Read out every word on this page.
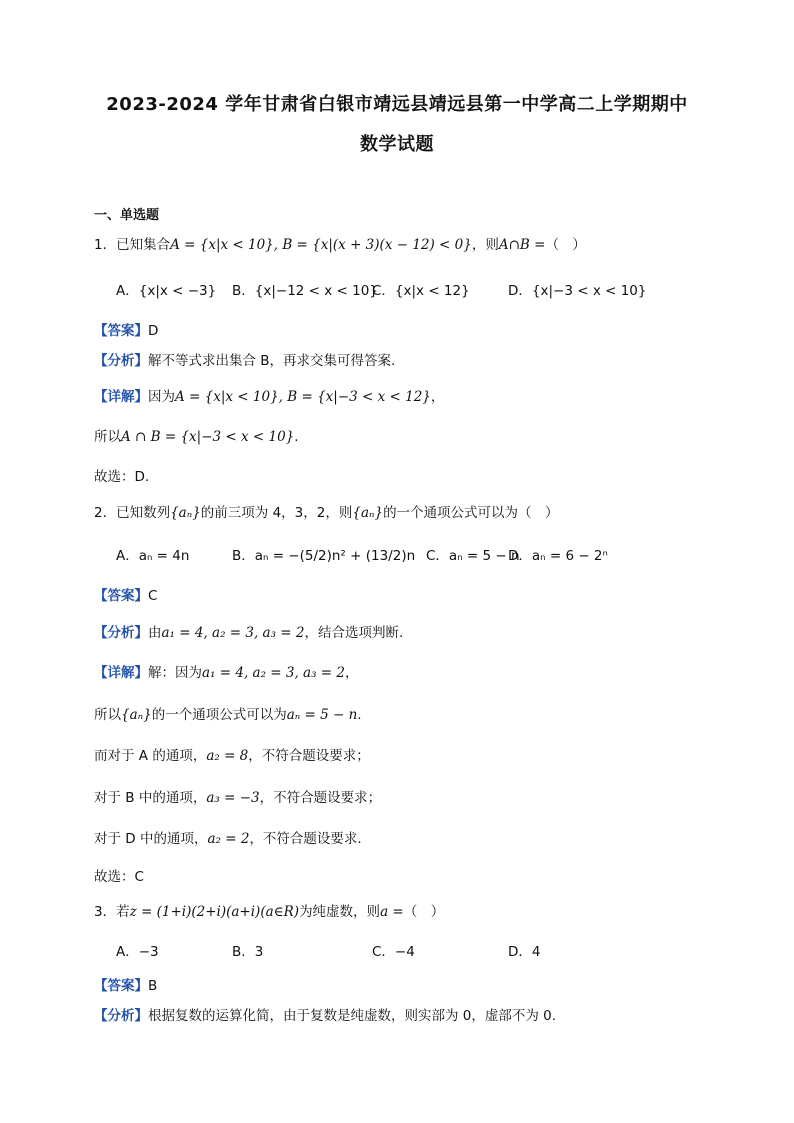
2023-2024 学年甘肃省白银市靖远县靖远县第一中学高二上学期期中
数学试题
一、单选题
1．已知集合A = {x|x < 10}, B = {x|(x + 3)(x − 12) < 0}，则A∩B =（　）
A．{x|x < −3} B．{x|−12 < x < 10}
C．{x|x < 12}	D．{x|−3 < x < 10}
【答案】D
【分析】解不等式求出集合 B，再求交集可得答案.
【详解】因为A = {x|x < 10}, B = {x|−3 < x < 12}，
所以A ∩ B = {x|−3 < x < 10}.
故选：D.
2．已知数列{aₙ}的前三项为 4，3，2，则{aₙ}的一个通项公式可以为（　）
A．aₙ = 4n	B．aₙ = −(5/2)n² + (13/2)n C．aₙ = 5 − n
D．aₙ = 6 − 2ⁿ
【答案】C
【分析】由a₁ = 4, a₂ = 3, a₃ = 2，结合选项判断.
【详解】解：因为a₁ = 4, a₂ = 3, a₃ = 2，
所以{aₙ}的一个通项公式可以为aₙ = 5 − n.
而对于 A 的通项，a₂ = 8，不符合题设要求；
对于 B 中的通项，a₃ = −3，不符合题设要求；
对于 D 中的通项，a₂ = 2，不符合题设要求.
故选：C
3．若z = (1+i)(2+i)(a+i)(a∈R)为纯虚数，则a =（　）
A．−3	B．3	C．−4	D．4
【答案】B
【分析】根据复数的运算化简，由于复数是纯虚数，则实部为 0，虚部不为 0.
